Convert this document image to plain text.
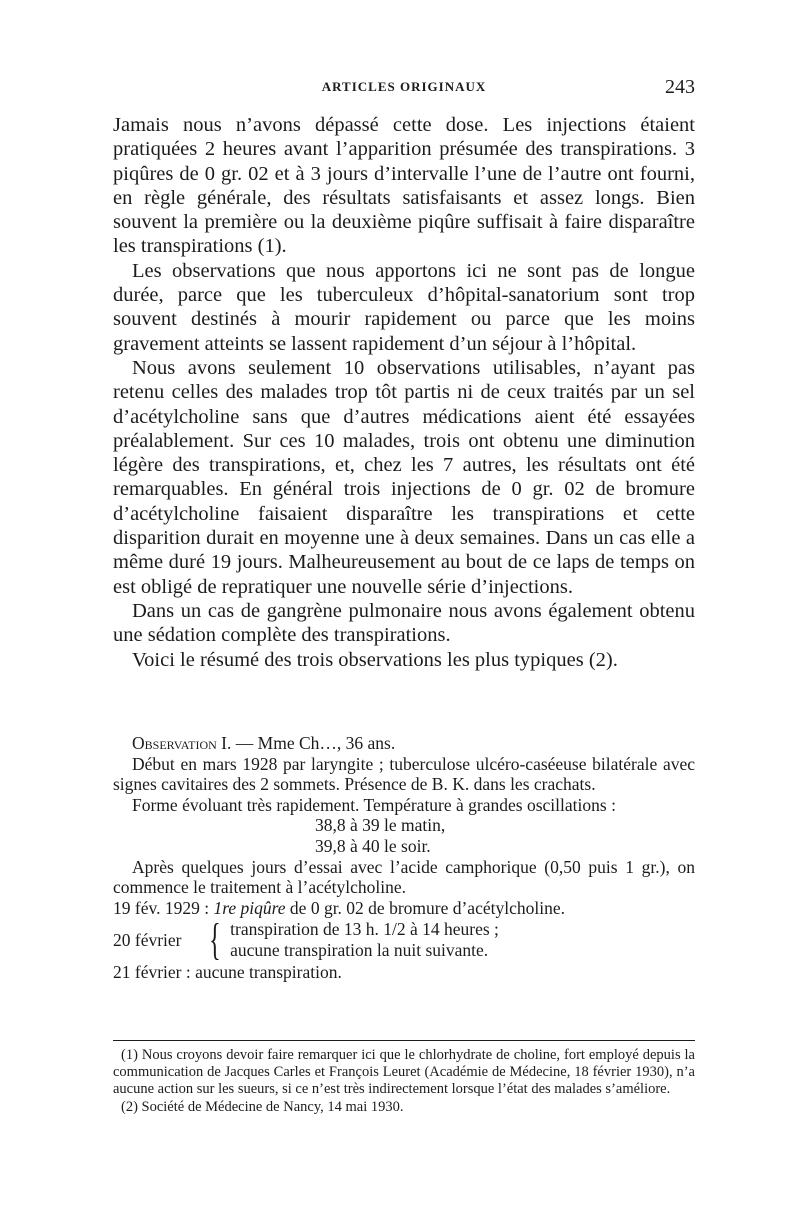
ARTICLES ORIGINAUX	243

Jamais nous n’avons dépassé cette dose. Les injections étaient pratiquées 2 heures avant l’apparition présumée des transpirations. 3 piqûres de 0 gr. 02 et à 3 jours d’intervalle l’une de l’autre ont fourni, en règle générale, des résultats satisfaisants et assez longs. Bien souvent la première ou la deuxième piqûre suffisait à faire disparaître les transpirations (1).

Les observations que nous apportons ici ne sont pas de longue durée, parce que les tuberculeux d’hôpital-sanatorium sont trop souvent destinés à mourir rapidement ou parce que les moins gravement atteints se lassent rapidement d’un séjour à l’hôpital.

Nous avons seulement 10 observations utilisables, n’ayant pas retenu celles des malades trop tôt partis ni de ceux traités par un sel d’acétylcholine sans que d’autres médications aient été essayées préalablement. Sur ces 10 malades, trois ont obtenu une diminution légère des transpirations, et, chez les 7 autres, les résultats ont été remarquables. En général trois injections de 0 gr. 02 de bromure d’acétylcholine faisaient disparaître les transpirations et cette disparition durait en moyenne une à deux semaines. Dans un cas elle a même duré 19 jours. Malheureusement au bout de ce laps de temps on est obligé de repratiquer une nouvelle série d’injections.

Dans un cas de gangrène pulmonaire nous avons également obtenu une sédation complète des transpirations.

Voici le résumé des trois observations les plus typiques (2).

Observation I. — Mme Ch…, 36 ans.

Début en mars 1928 par laryngite ; tuberculose ulcéro-caséeuse bilatérale avec signes cavitaires des 2 sommets. Présence de B. K. dans les crachats.

Forme évoluant très rapidement. Température à grandes oscillations :

38,8 à 39 le matin,
39,8 à 40 le soir.

Après quelques jours d’essai avec l’acide camphorique (0,50 puis 1 gr.), on commence le traitement à l’acétylcholine.

19 fév. 1929 : 1re piqûre de 0 gr. 02 de bromure d’acétylcholine.

20 février { transpiration de 13 h. 1/2 à 14 heures ;
aucune transpiration la nuit suivante.

21 février : aucune transpiration.

(1) Nous croyons devoir faire remarquer ici que le chlorhydrate de choline, fort employé depuis la communication de Jacques Carles et François Leuret (Académie de Médecine, 18 février 1930), n’a aucune action sur les sueurs, si ce n’est très indirectement lorsque l’état des malades s’améliore.

(2) Société de Médecine de Nancy, 14 mai 1930.
